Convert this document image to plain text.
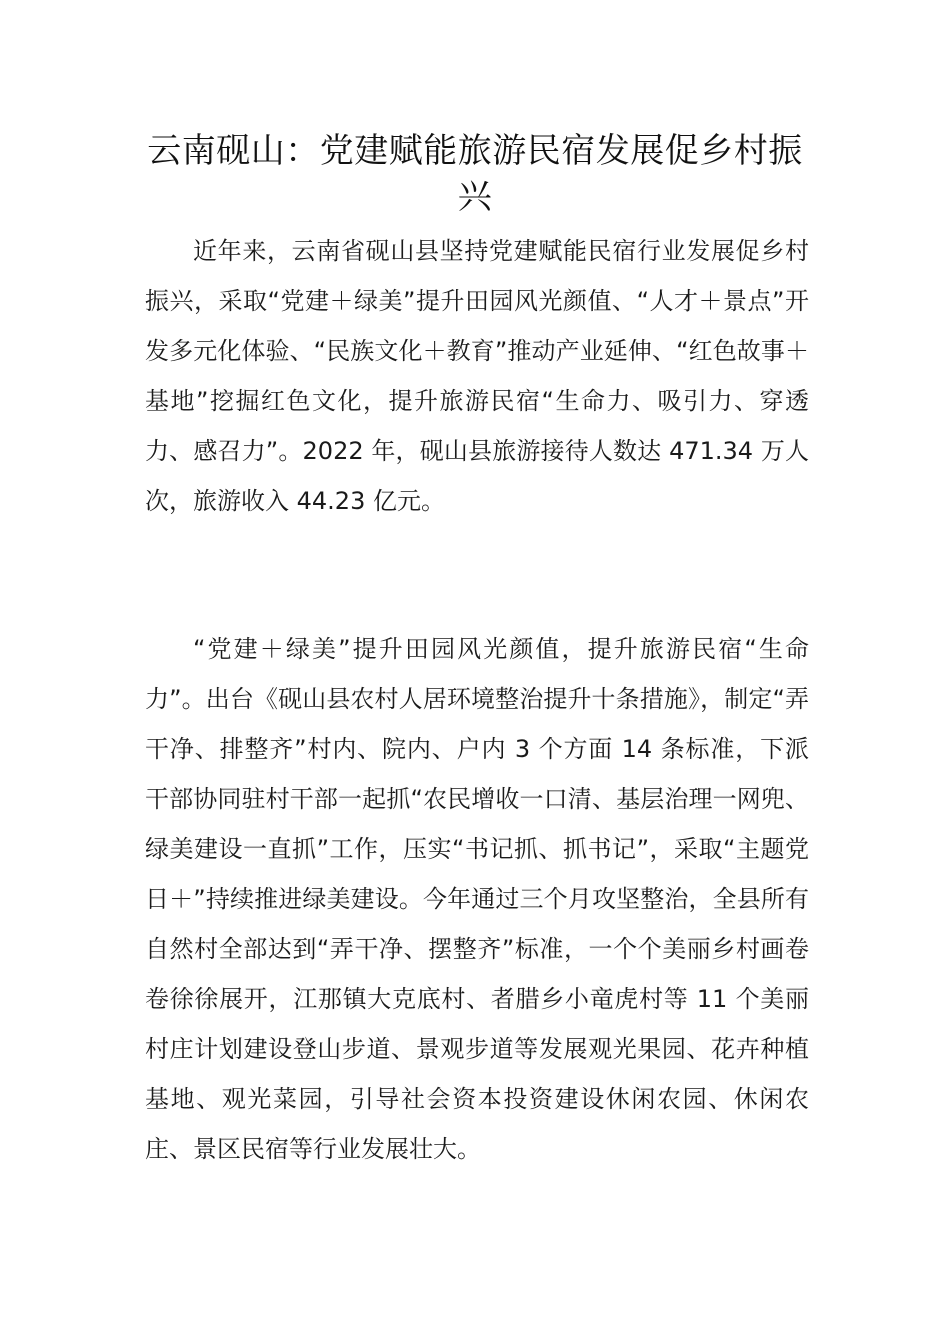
云南砚山：党建赋能旅游民宿发展促乡村振兴

近年来，云南省砚山县坚持党建赋能民宿行业发展促乡村振兴，采取“党建＋绿美”提升田园风光颜值、“人才＋景点”开发多元化体验、“民族文化＋教育”推动产业延伸、“红色故事＋基地”挖掘红色文化，提升旅游民宿“生命力、吸引力、穿透力、感召力”。2022 年，砚山县旅游接待人数达 471.34 万人次，旅游收入 44.23 亿元。

“党建＋绿美”提升田园风光颜值，提升旅游民宿“生命力”。出台《砚山县农村人居环境整治提升十条措施》，制定“弄干净、排整齐”村内、院内、户内 3 个方面 14 条标准，下派干部协同驻村干部一起抓“农民增收一口清、基层治理一网兜、绿美建设一直抓”工作，压实“书记抓、抓书记”，采取“主题党日＋”持续推进绿美建设。今年通过三个月攻坚整治，全县所有自然村全部达到“弄干净、摆整齐”标准，一个个美丽乡村画卷卷徐徐展开，江那镇大克底村、者腊乡小竜虎村等 11 个美丽村庄计划建设登山步道、景观步道等发展观光果园、花卉种植基地、观光菜园，引导社会资本投资建设休闲农园、休闲农庄、景区民宿等行业发展壮大。
